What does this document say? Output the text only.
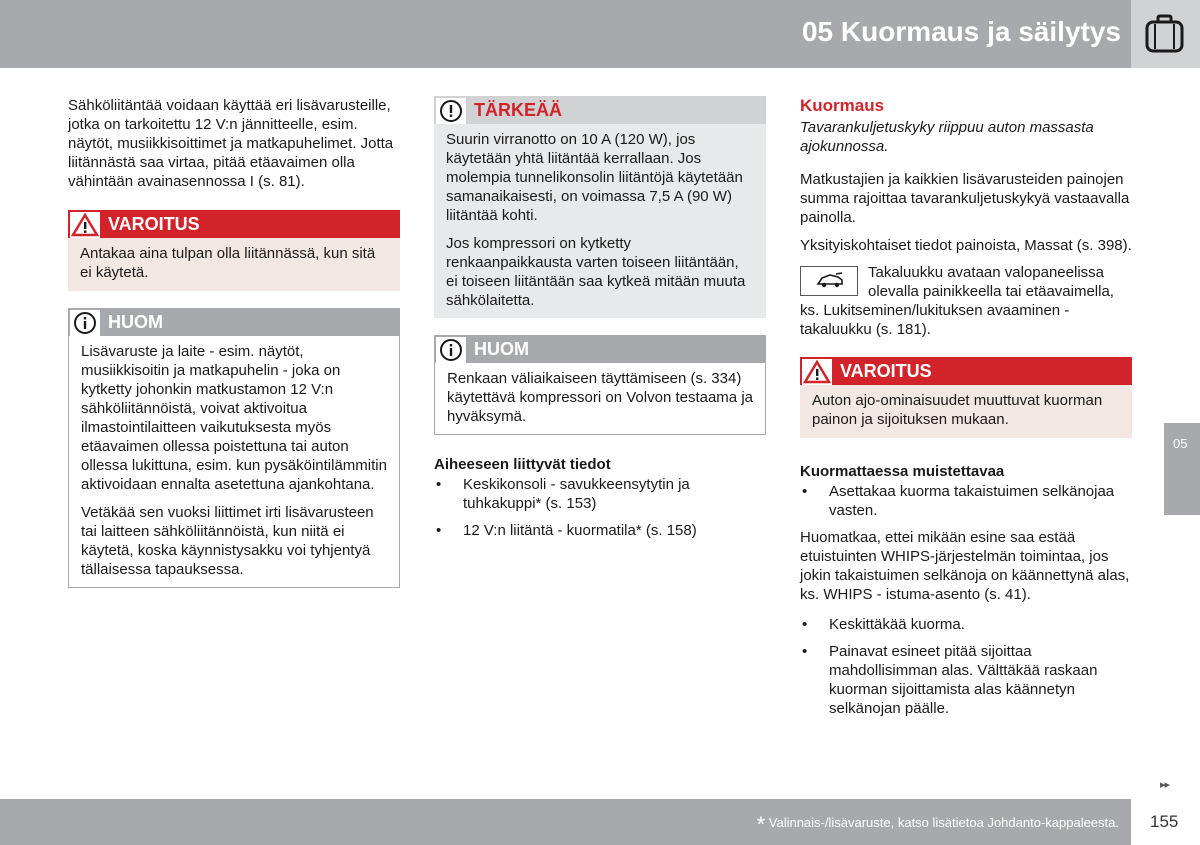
05 Kuormaus ja säilytys
05

Sähköliitäntää voidaan käyttää eri lisävarusteille, jotka on tarkoitettu 12 V:n jännitteelle, esim. näytöt, musiikkisoittimet ja matkapuhelimet. Jotta liitännästä saa virtaa, pitää etäavaimen olla vähintään avainasennossa I (s. 81).

VAROITUS
Antakaa aina tulpan olla liitännässä, kun sitä ei käytetä.
HUOM

Lisävaruste ja laite - esim. näytöt, musiikkisoitin ja matkapuhelin - joka on kytketty johonkin matkustamon 12 V:n sähköliitännöistä, voivat aktivoitua ilmastointilaitteen vaikutuksesta myös etäavaimen ollessa poistettuna tai auton ollessa lukittuna, esim. kun pysäköintilämmitin aktivoidaan ennalta asetettuna ajankohtana.

Vetäkää sen vuoksi liittimet irti lisävarusteen tai laitteen sähköliitännöistä, kun niitä ei käytetä, koska käynnistysakku voi tyhjentyä tällaisessa tapauksessa.

TÄRKEÄÄ

Suurin virranotto on 10 A (120 W), jos käytetään yhtä liitäntää kerrallaan. Jos molempia tunnelikonsolin liitäntöjä käytetään samanaikaisesti, on voimassa 7,5 A (90 W) liitäntää kohti.

Jos kompressori on kytketty renkaanpaikkausta varten toiseen liitäntään, ei toiseen liitäntään saa kytkeä mitään muuta sähkölaitetta.

HUOM
Renkaan väliaikaiseen täyttämiseen (s. 334) käytettävä kompressori on Volvon testaama ja hyväksymä.
Aiheeseen liittyvät tiedot
• Keskikonsoli - savukkeensytytin ja tuhkakuppi* (s. 153)
• 12 V:n liitäntä - kuormatila* (s. 158)
Kuormaus

Tavarankuljetuskyky riippuu auton massasta ajokunnossa.

Matkustajien ja kaikkien lisävarusteiden painojen summa rajoittaa tavarankuljetuskykyä vastaavalla painolla.

Yksityiskohtaiset tiedot painoista, Massat (s. 398).

Takaluukku avataan valopaneelissa olevalla painikkeella tai etäavaimella, ks. Lukitseminen/lukituksen avaaminen - takaluukku (s. 181).

VAROITUS
Auton ajo-ominaisuudet muuttuvat kuorman painon ja sijoituksen mukaan.
Kuormattaessa muistettavaa
• Asettakaa kuorma takaistuimen selkänojaa vasten.

Huomatkaa, ettei mikään esine saa estää etuistuinten WHIPS-järjestelmän toimintaa, jos jokin takaistuimen selkänoja on käännettynä alas, ks. WHIPS - istuma-asento (s. 41).

• Keskittäkää kuorma.
• Painavat esineet pitää sijoittaa mahdollisimman alas. Välttäkää raskaan kuorman sijoittamista alas käännetyn selkänojan päälle.
▸▸
* Valinnais-/lisävaruste, katso lisätietoa Johdanto-kappaleesta. 155
